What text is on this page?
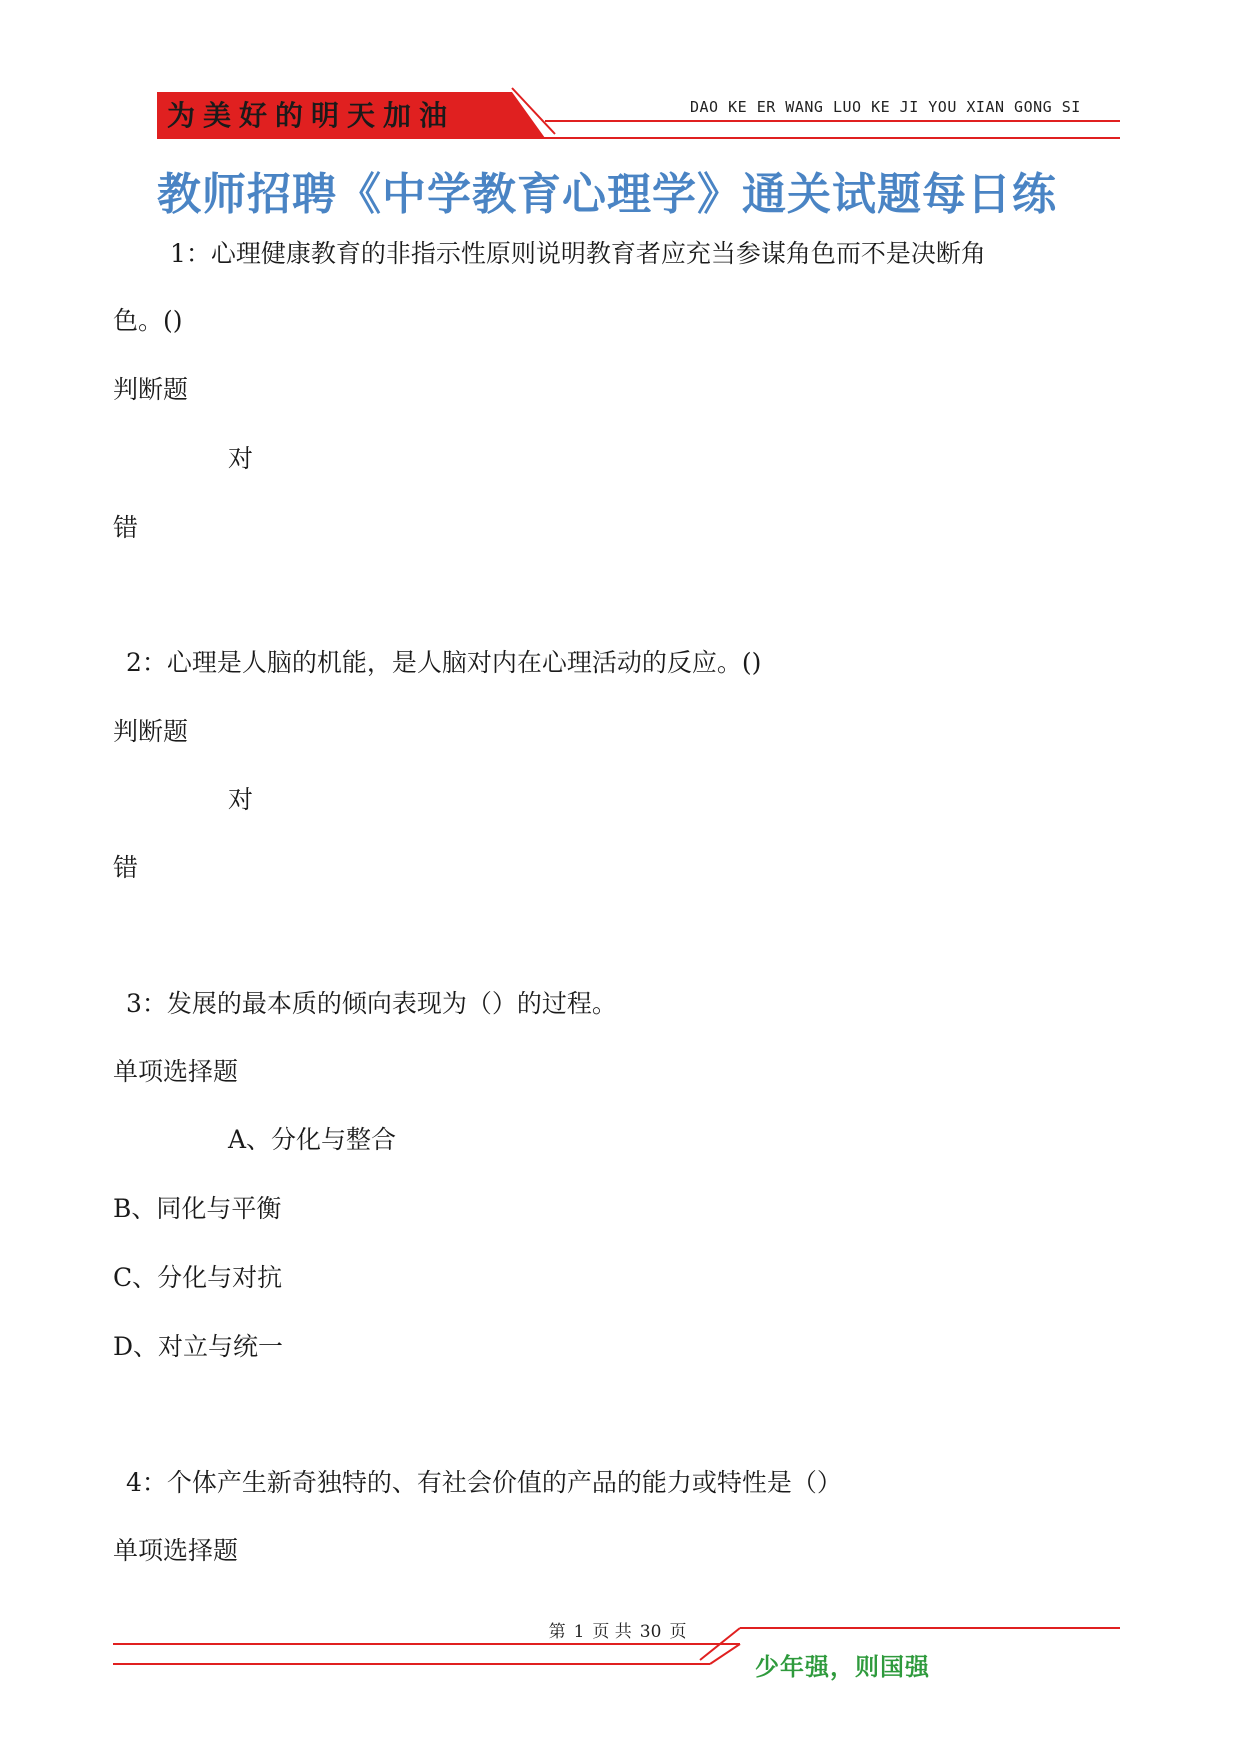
为美好的明天加油	DAO KE ER WANG LUO KE JI YOU XIAN GONG SI
教师招聘《中学教育心理学》通关试题每日练
1：心理健康教育的非指示性原则说明教育者应充当参谋角色而不是决断角
色。()
判断题
对
错
2：心理是人脑的机能，是人脑对内在心理活动的反应。()
判断题
对
错
3：发展的最本质的倾向表现为（）的过程。
单项选择题
A、分化与整合
B、同化与平衡
C、分化与对抗
D、对立与统一
4：个体产生新奇独特的、有社会价值的产品的能力或特性是（）
单项选择题
第 1 页 共 30 页
少年强，则国强
